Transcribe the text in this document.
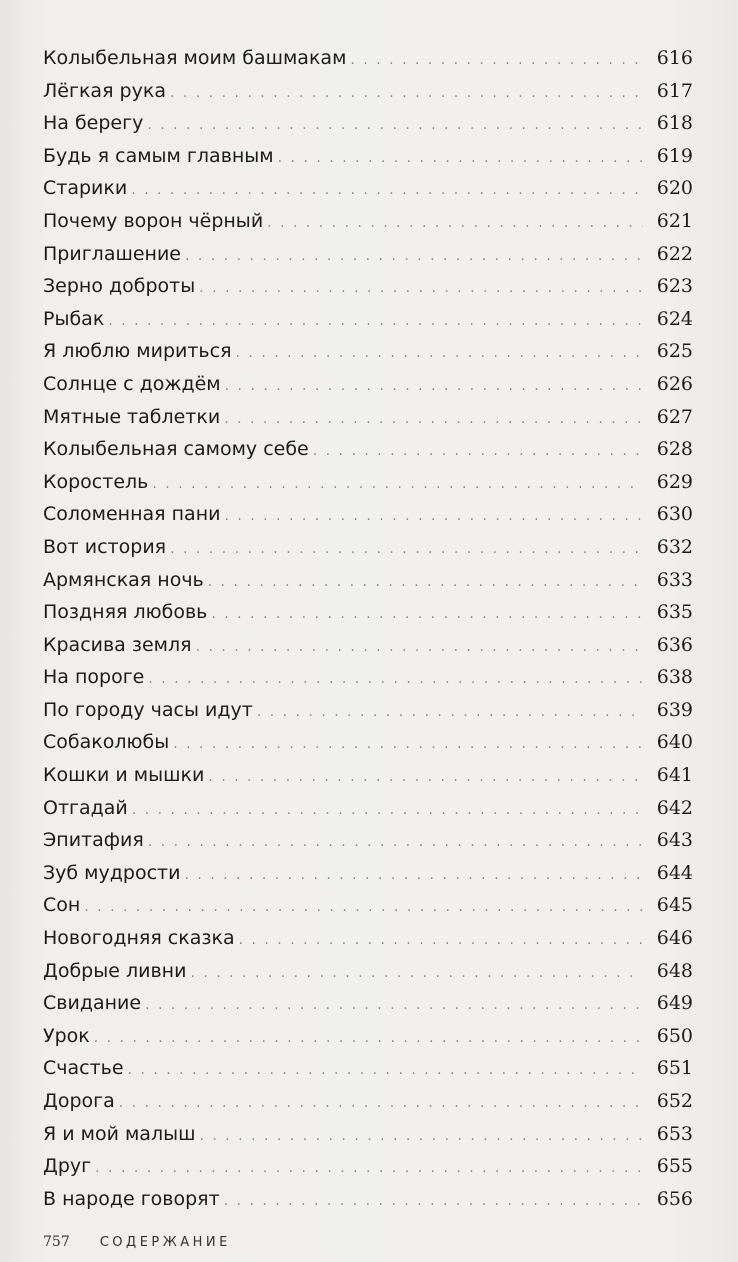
Колыбельная моим башмакам . . .	616
Лёгкая рука . . .	617
На берегу . . .	618
Будь я самым главным . . .	619
Старики . . .	620
Почему ворон чёрный . . .	621
Приглашение . . .	622
Зерно доброты . . .	623
Рыбак . . .	624
Я люблю мириться . . .	625
Солнце с дождём . . .	626
Мятные таблетки . . .	627
Колыбельная самому себе . . .	628
Коростель . . .	629
Соломенная пани . . .	630
Вот история . . .	632
Армянская ночь . . .	633
Поздняя любовь . . .	635
Красива земля . . .	636
На пороге . . .	638
По городу часы идут . . .	639
Собаколюбы . . .	640
Кошки и мышки . . .	641
Отгадай . . .	642
Эпитафия . . .	643
Зуб мудрости . . .	644
Сон . . .	645
Новогодняя сказка . . .	646
Добрые ливни . . .	648
Свидание . . .	649
Урок . . .	650
Счастье . . .	651
Дорога . . .	652
Я и мой малыш . . .	653
Друг . . .	655
В народе говорят . . .	656
757 СОДЕРЖАНИЕ
